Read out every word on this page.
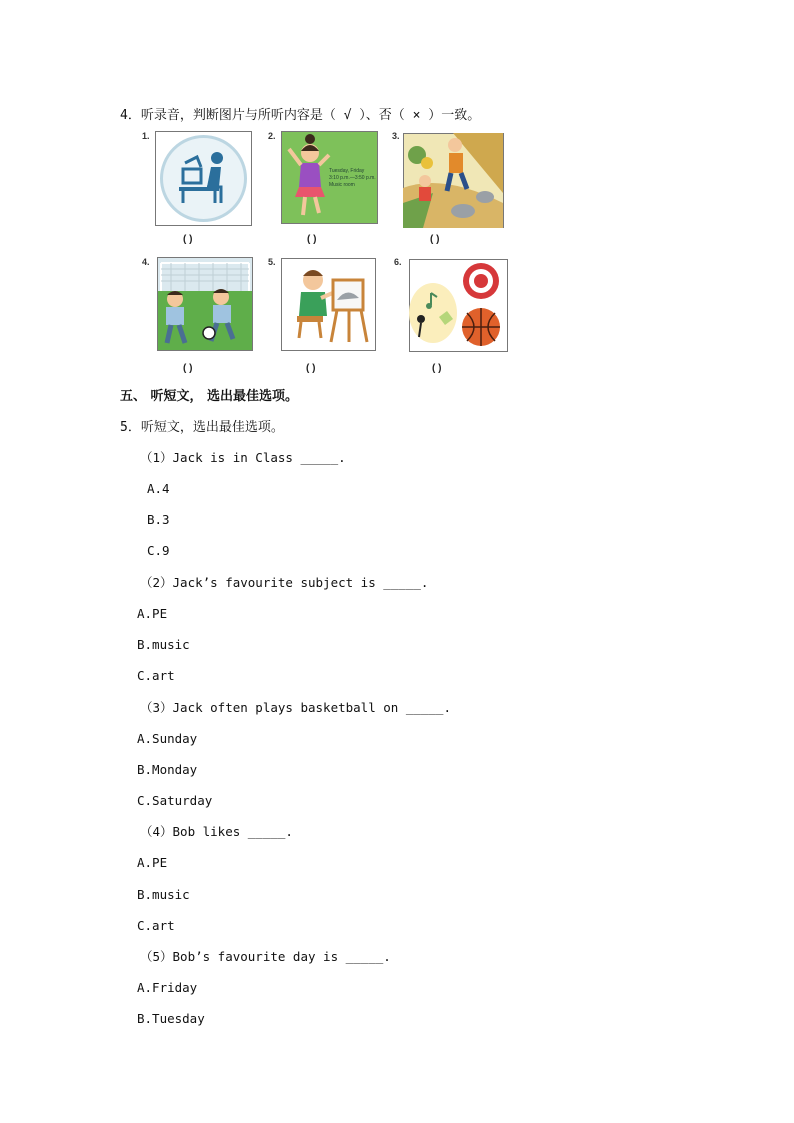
4．听录音，判断图片与所听内容是（ √ ）、否（ × ）一致。
1.
( )
2.
Tuesday, Friday
3:10 p.m.—3:50 p.m.
Music room
( )
3.
( )
4.
( )
5.
( )
6.
( )
五、 听短文， 选出最佳选项。
5．听短文，选出最佳选项。
（1）Jack is in Class _____.
A.4
B.3
C.9
（2）Jack’s favourite subject is _____.
A.PE
B.music
C.art
（3）Jack often plays basketball on _____.
A.Sunday
B.Monday
C.Saturday
（4）Bob likes _____.
A.PE
B.music
C.art
（5）Bob’s favourite day is _____.
A.Friday
B.Tuesday
